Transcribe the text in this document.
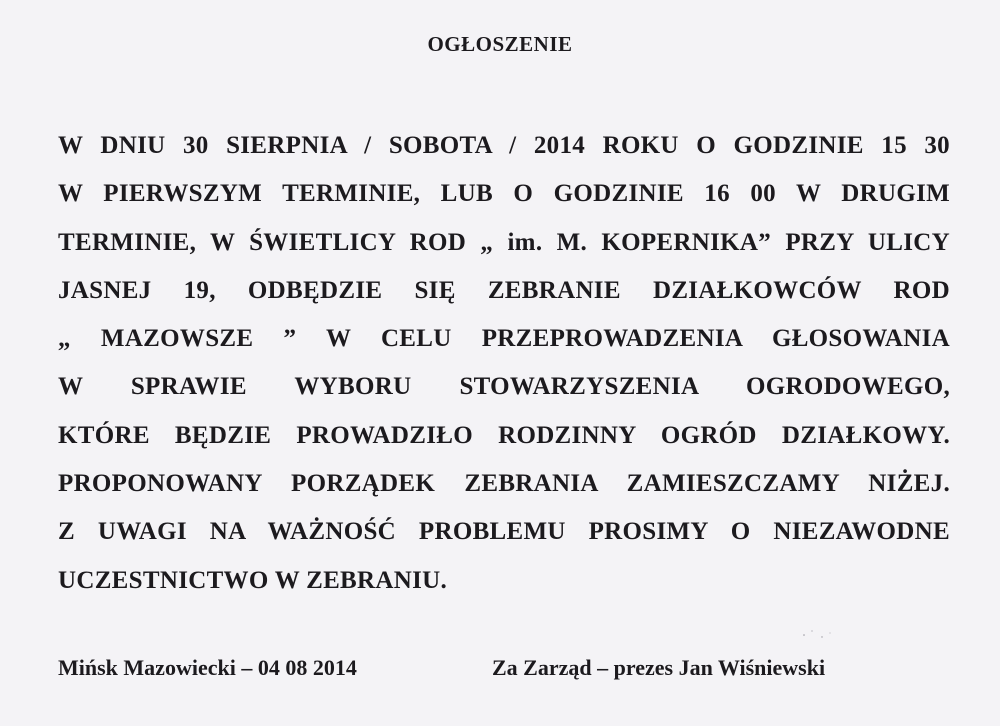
OGŁOSZENIE
W DNIU 30 SIERPNIA / SOBOTA / 2014 ROKU O GODZINIE 15 30
W PIERWSZYM TERMINIE, LUB O GODZINIE 16 00 W DRUGIM
TERMINIE, W ŚWIETLICY ROD „ im. M. KOPERNIKA” PRZY ULICY
JASNEJ 19, ODBĘDZIE SIĘ ZEBRANIE DZIAŁKOWCÓW ROD
„ MAZOWSZE ” W CELU PRZEPROWADZENIA GŁOSOWANIA
W SPRAWIE WYBORU STOWARZYSZENIA OGRODOWEGO,
KTÓRE BĘDZIE PROWADZIŁO RODZINNY OGRÓD DZIAŁKOWY.
PROPONOWANY PORZĄDEK ZEBRANIA ZAMIESZCZAMY NIŻEJ.
Z UWAGI NA WAŻNOŚĆ PROBLEMU PROSIMY O NIEZAWODNE
UCZESTNICTWO W ZEBRANIU.
Mińsk Mazowiecki – 04 08 2014	Za Zarząd – prezes Jan Wiśniewski
